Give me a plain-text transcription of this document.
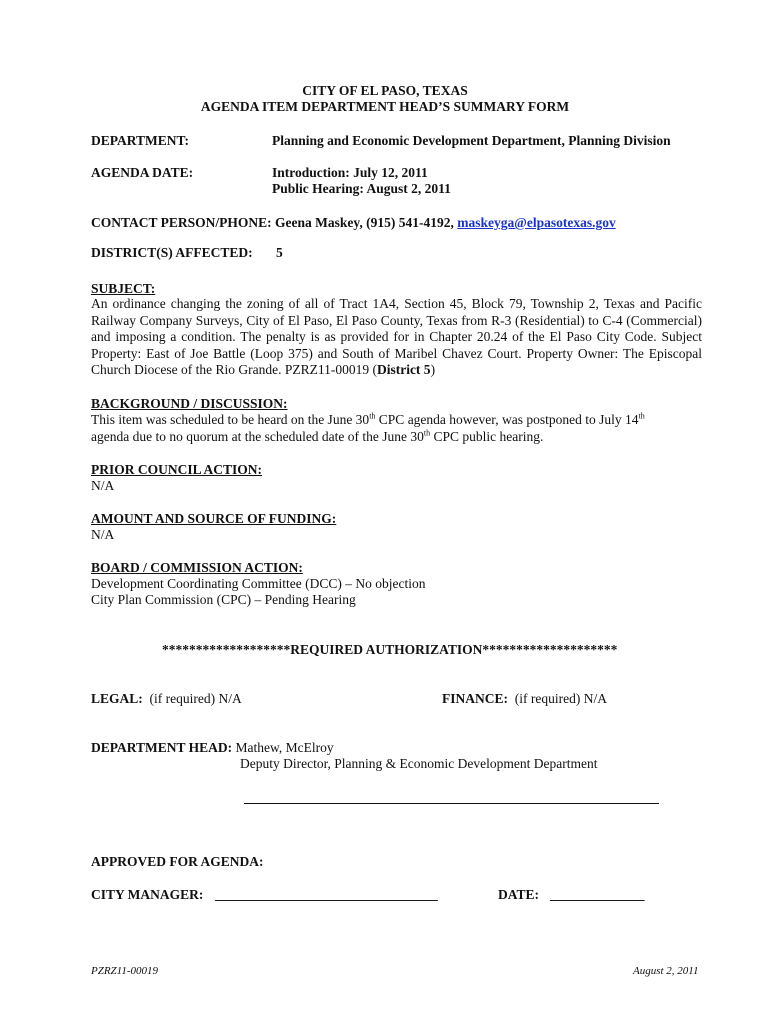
CITY OF EL PASO, TEXAS
AGENDA ITEM DEPARTMENT HEAD’S SUMMARY FORM
DEPARTMENT:	Planning and Economic Development Department, Planning Division
AGENDA DATE:	Introduction: July 12, 2011
Public Hearing: August 2, 2011
CONTACT PERSON/PHONE: Geena Maskey, (915) 541-4192, maskeyga@elpasotexas.gov
DISTRICT(S) AFFECTED: 5
SUBJECT:
An ordinance changing the zoning of all of Tract 1A4, Section 45, Block 79, Township 2, Texas and Pacific Railway Company Surveys, City of El Paso, El Paso County, Texas from R-3 (Residential) to C-4 (Commercial) and imposing a condition. The penalty is as provided for in Chapter 20.24 of the El Paso City Code. Subject Property: East of Joe Battle (Loop 375) and South of Maribel Chavez Court. Property Owner: The Episcopal Church Diocese of the Rio Grande. PZRZ11-00019 (District 5)
BACKGROUND / DISCUSSION:
This item was scheduled to be heard on the June 30th CPC agenda however, was postponed to July 14th
agenda due to no quorum at the scheduled date of the June 30th CPC public hearing.
PRIOR COUNCIL ACTION:
N/A
AMOUNT AND SOURCE OF FUNDING:
N/A
BOARD / COMMISSION ACTION:
Development Coordinating Committee (DCC) – No objection
City Plan Commission (CPC) – Pending Hearing
*******************REQUIRED AUTHORIZATION********************
LEGAL: (if required) N/A	FINANCE: (if required) N/A
DEPARTMENT HEAD: Mathew, McElroy
Deputy Director, Planning & Economic Development Department
APPROVED FOR AGENDA:
CITY MANAGER: _________________________________	DATE: ______________
PZRZ11-00019	August 2, 2011
